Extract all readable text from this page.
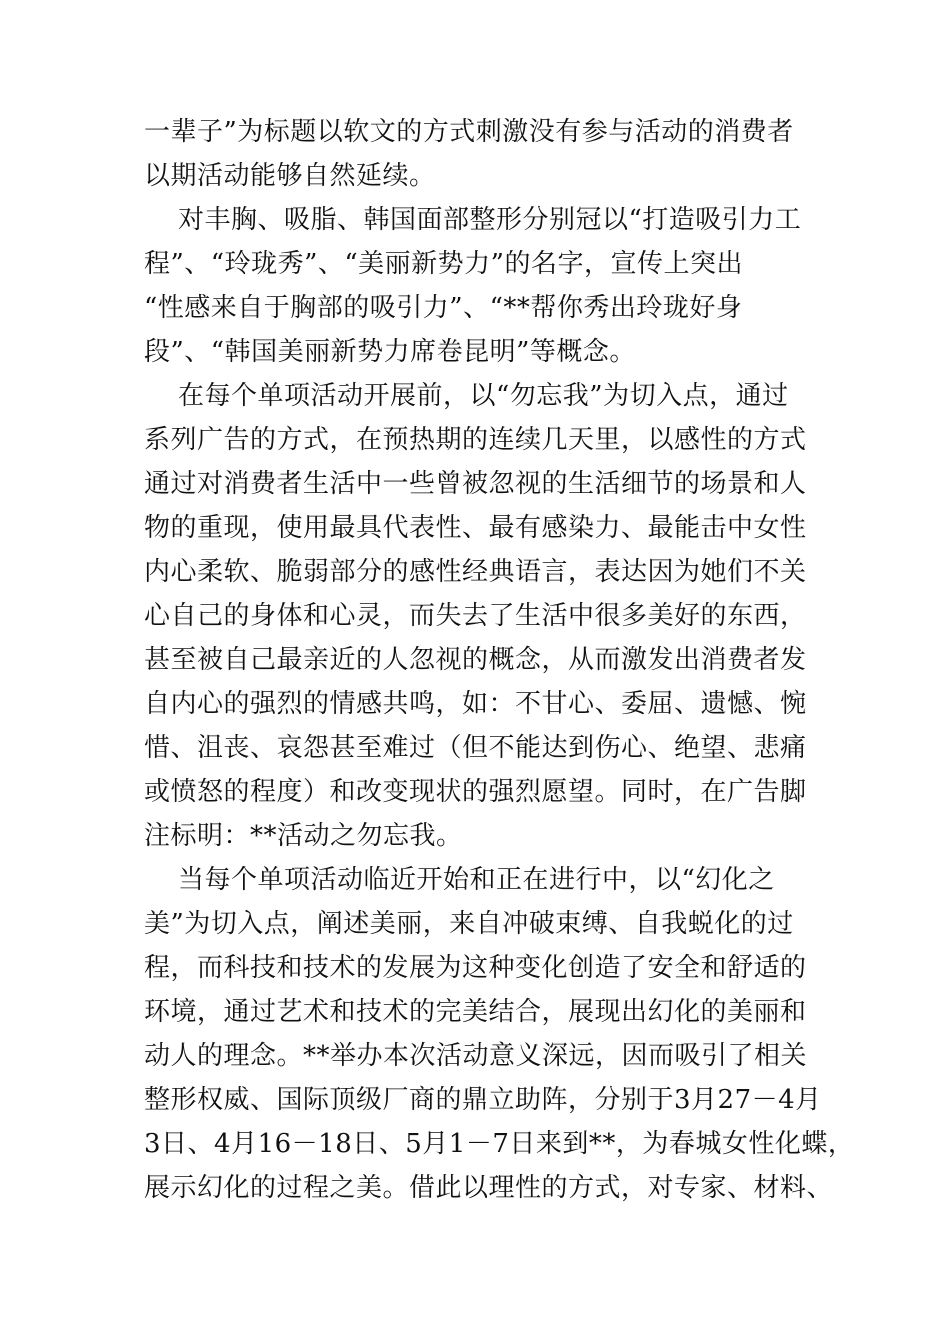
一辈子”为标题以软文的方式刺激没有参与活动的消费者
以期活动能够自然延续。
对丰胸、吸脂、韩国面部整形分别冠以“打造吸引力工
程”、“玲珑秀”、“美丽新势力”的名字，宣传上突出
“性感来自于胸部的吸引力”、“**帮你秀出玲珑好身
段”、“韩国美丽新势力席卷昆明”等概念。
在每个单项活动开展前，以“勿忘我”为切入点，通过
系列广告的方式，在预热期的连续几天里，以感性的方式
通过对消费者生活中一些曾被忽视的生活细节的场景和人
物的重现，使用最具代表性、最有感染力、最能击中女性
内心柔软、脆弱部分的感性经典语言，表达因为她们不关
心自己的身体和心灵，而失去了生活中很多美好的东西，
甚至被自己最亲近的人忽视的概念，从而激发出消费者发
自内心的强烈的情感共鸣，如：不甘心、委屈、遗憾、惋
惜、沮丧、哀怨甚至难过（但不能达到伤心、绝望、悲痛
或愤怒的程度）和改变现状的强烈愿望。同时，在广告脚
注标明：**活动之勿忘我。
当每个单项活动临近开始和正在进行中，以“幻化之
美”为切入点，阐述美丽，来自冲破束缚、自我蜕化的过
程，而科技和技术的发展为这种变化创造了安全和舒适的
环境，通过艺术和技术的完美结合，展现出幻化的美丽和
动人的理念。**举办本次活动意义深远，因而吸引了相关
整形权威、国际顶级厂商的鼎立助阵，分别于3月27－4月
3日、4月16－18日、5月1－7日来到**，为春城女性化蝶，
展示幻化的过程之美。借此以理性的方式，对专家、材料、
